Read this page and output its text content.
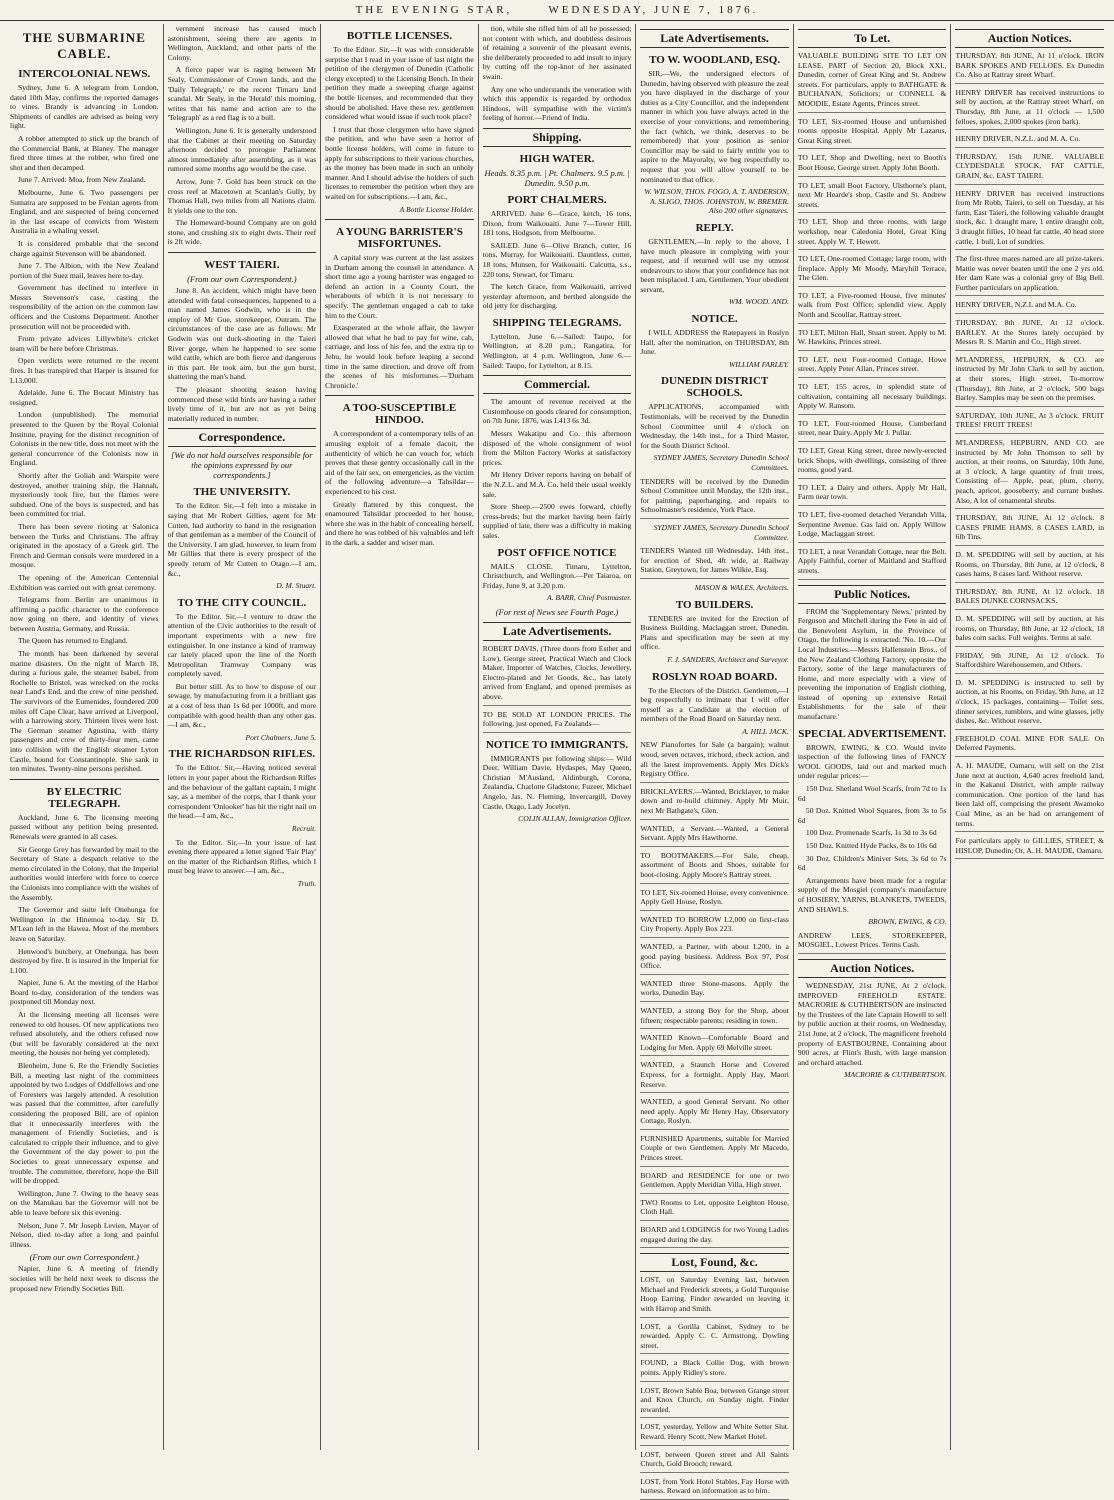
THE EVENING STAR,	WEDNESDAY, JUNE 7, 1876.
THE SUBMARINE CABLE.
INTERCOLONIAL NEWS.

Sydney, June 6. A telegram from London, dated 10th May, confirms the reported damages to vines. Brandy is advancing in London. Shipments of candles are advised as being very light.

A robber attempted to stick up the branch of the Commercial Bank, at Blaney. The manager fired three times at the robber, who fired one shot and then decamped.

June 7. Arrived: Moa, from New Zealand.

Melbourne, June 6. Two passengers per Sumatra are supposed to be Fenian agents from England, and are suspected of being concerned in the last escape of convicts from Western Australia in a whaling vessel.

It is considered probable that the second charge against Stevenson will be abandoned.

June 7. The Albion, with the New Zealand portion of the Suez mail, leaves here to-day.

Government has declined to interfere in Messrs Stevenson's case, casting the responsibility of the action on the common law officers and the Customs Department. Another prosecution will not be proceeded with.

From private advices Lillywhite's cricket team will be here before Christmas.

Open verdicts were returned re the recent fires. It has transpired that Harper is insured for L13,000.

Adelaide, June 6. The Bocaut Ministry has resigned.

London (unpublished). The memorial presented to the Queen by the Royal Colonial Institute, praying for the distinct recognition of Colonists in the new title, does not meet with the general concurrence of the Colonists now in England.

Shortly after the Goliah and Warspite were destroyed, another training ship, the Hannah, mysteriously took fire, but the flames were subdued. One of the boys is suspected, and has been committed for trial.

There has been severe rioting at Salonica between the Turks and Christians. The affray originated in the apostacy of a Greek girl. The French and German consuls were murdered in a mosque.

The opening of the American Centennial Exhibition was carried out with great ceremony.

Telegrams from Berlin are unanimous in affirming a pacific character to the conference now going on there, and identity of views between Austria, Germany, and Russia.

The Queen has returned to England.

The month has been darkened by several marine disasters. On the night of March 18, during a furious gale, the steamer Isabel, from Rochelle to Bristol, was wrecked on the rocks near Land's End, and the crew of nine perished. The survivors of the Eumenides, foundered 200 miles off Cape Clear, have arrived at Liverpool, with a harrowing story. Thirteen lives were lost. The German steamer Agustina, with thirty passengers and crew of thirty-four men, came into collision with the English steamer Lyton Castle, bound for Constantinople. She sank in ten minutes. Twenty-nine persons perished.

BY ELECTRIC TELEGRAPH.

Auckland, June 6. The licensing meeting passed without any petition being presented. Renewals were granted in all cases.

Sir George Grey has forwarded by mail to the Secretary of State a despatch relative to the memo circulated in the Colony, that the Imperial authorities would interfere with force to coerce the Colonists into compliance with the wishes of the Assembly.

The Governor and suite left Onehunga for Wellington in the Hinemoa to-day. Sir D. M'Lean left in the Hawea. Most of the members leave on Saturday.

Henwood's butchery, at Onehunga, has been destroyed by fire. It is insured in the Imperial for L100.

Napier, June 6. At the meeting of the Harbor Board to-day, consideration of the tenders was postponed till Monday next.

At the licensing meeting all licenses were renewed to old houses. Of new applications two refused absolutely, and the others refused now (but will be favorably considered at the next meeting, the houses not being yet completed).

Blenheim, June 6. Re the Friendly Societies Bill, a meeting last night of the committees appointed by two Lodges of Oddfellows and one of Foresters was largely attended. A resolution was passed that the committee, after carefully considering the proposed Bill, are of opinion that it unnecessarily interferes with the management of Friendly Societies, and is calculated to cripple their influence, and to give the Government of the day power to put the Societies to great unnecessary expense and trouble. The committee, therefore, hope the Bill will be dropped.

Wellington, June 7. Owing to the heavy seas on the Manukau bar the Governor will not be able to leave before six this evening.

Nelson, June 7. Mr Joseph Levien, Mayor of Nelson, died to-day after a long and painful illness.

(From our own Correspondent.)

Napier, June 6. A meeting of friendly societies will be held next week to discuss the proposed new Friendly Societies Bill.

vernment increase has caused much astonishment, seeing there are agents in Wellington, Auckland, and other parts of the Colony.

A fierce paper war is raging between Mr Sealy, Commissioner of Crown lands, and the 'Daily Telegraph,' re the recent Timaru land scandal. Mr Sealy, in the 'Herald' this morning, writes that his name and action are to the 'Telegraph' as a red flag is to a bull.

Wellington, June 6. It is generally understood that the Cabinet at their meeting on Saturday afternoon decided to prorogue Parliament almost immediately after assembling, as it was rumored some months ago would be the case.

Arrow, June 7. Gold has been struck on the cross reef at Macetown at Scanlan's Gully, by Thomas Hall, two miles from all Nations claim. It yields one to the ton.

The Homeward-bound Company are on gold stone, and crushing six to eight dwts. Their reef is 2ft wide.

WEST TAIERI.
(From our own Correspondent.)

June 8. An accident, which might have been attended with fatal consequences, happened to a man named James Godwin, who is in the employ of Mr Gue, storekeeper, Outram. The circumstances of the case are as follows: Mr Godwin was out duck-shooting in the Taieri River gorge, when he happened to see some wild cattle, which are both fierce and dangerous in this part. He took aim, but the gun burst, shattering the man's hand.

The pleasant shooting season having commenced these wild birds are having a rather lively time of it, but are not as yet being materially reduced in number.

Correspondence.
[We do not hold ourselves responsible for the opinions expressed by our correspondents.]
THE UNIVERSITY.

To the Editor. Sir,—I felt into a mistake in saying that Mr Robert Gillies, agent for Mr Cutten, had authority to hand in the resignation of that gentleman as a member of the Council of the University. I am glad, however, to learn from Mr Gillies that there is every prospect of the speedy return of Mr Cutten to Otago.—I am, &c.,

D. M. Stuart.
TO THE CITY COUNCIL.

To the Editor. Sir,—I venture to draw the attention of the Civic authorities to the result of important experiments with a new fire extinguisher. In one instance a kind of tramway car lately placed upon the line of the North Metropolitan Tramway Company was completely saved.

But better still. As to how to dispose of our sewage, by manufacturing from it a brilliant gas at a cost of less than 1s 6d per 1000ft, and more compatible with good health than any other gas.—I am, &c.,

Port Chalmers, June 5.
THE RICHARDSON RIFLES.

To the Editor. Sir,—Having noticed several letters in your paper about the Richardson Rifles and the behaviour of the gallant captain, I might say, as a member of the corps, that I thank your correspondent 'Onlooker' has hit the right nail on the head.—I am, &c.,

Recruit.

To the Editor. Sir,—In your issue of last evening there appeared a letter signed 'Fair Play' on the matter of the Richardson Rifles, which I must beg leave to answer.—I am, &c.,

Truth.
BOTTLE LICENSES.

To the Editor. Sir,—It was with considerable surprise that I read in your issue of last night the petition of the clergymen of Dunedin (Catholic clergy excepted) to the Licensing Bench. In their petition they made a sweeping charge against the bottle licenses, and recommended that they should be abolished. Have these rev. gentlemen considered what would issue if such took place?

I trust that those clergymen who have signed the petition, and who have seen a horror of bottle license holders, will come in future to apply for subscriptions to their various churches, as the money has been made in such an unholy manner. And I should advise the holders of such licenses to remember the petition when they are waited on for subscriptions.—I am, &c.,

A Bottle License Holder.
A YOUNG BARRISTER'S MISFORTUNES.

A capital story was current at the last assizes in Durham among the counsel in attendance. A short time ago a young barrister was engaged to defend an action in a County Court, the wherabouts of which it is not necessary to specify. The gentleman engaged a cab to take him to the Court.

Exasperated at the whole affair, the lawyer allowed that what he had to pay for wine, cab, carriage, and loss of his fee, and the extra tip to Jehu, he would look before leaping a second time in the same direction, and drove off from the scenes of his misfortunes.—'Durham Chronicle.'

A TOO-SUSCEPTIBLE HINDOO.

A correspondent of a contemporary tells of an amusing exploit of a female dacoit, the authenticity of which he can vouch for, which proves that these gentry occasionally call in the aid of the fair sex, on emergencies, as the victim of the following adventure—a Tahsildar—experienced to his cost.

Greatly flattered by this conquest, the enamoured Tahsildar proceeded to her house, where she was in the habit of concealing herself, and there he was robbed of his valuables and left in the dark, a sadder and wiser man.

tion, while she rifled him of all he possessed; not content with which, and doubtless desirous of retaining a souvenir of the pleasant events, she deliberately proceeded to add insult to injury by cutting off the top-knot of her assinated swain.

Any one who understands the veneration with which this appendix is regarded by orthodox Hindoos, will sympathise with the victim's feeling of horror.—Friend of India.

Shipping.
HIGH WATER.
Heads. 8.35 p.m. | Pt. Chalmers. 9.5 p.m. | Dunedin. 9.50 p.m.
PORT CHALMERS.

ARRIVED. June 6—Grace, ketch, 16 tons, Dixon, from Waikouaiti. June 7—Tower Hill, 181 tons, Hodgson, from Melbourne.

SAILED. June 6—Olive Branch, cutter, 16 tons, Murray, for Waikouaiti. Dauntless, cutter, 18 tons, Munsen, for Waikouaiti. Calcutta, s.s., 220 tons, Stewart, for Timaru.

The ketch Grace, from Waikouaiti, arrived yesterday afternoon, and berthed alongside the old jetty for discharging.

SHIPPING TELEGRAMS.

Lyttelton, June 6.—Sailed: Taupo, for Wellington, at 8.20 p.m.; Rangatira, for Wellington, at 4 p.m. Wellington, June 6.—Sailed: Taupo, for Lyttelton, at 8.15.

Commercial.

The amount of revenue received at the Customhouse on goods cleared for consumption, on 7th June, 1876, was L413 6s 3d.

Messrs Wakatipu and Co. this afternoon disposed of the whole consignment of wool from the Milton Factory Works at satisfactory prices.

Mr Henry Driver reports having on behalf of the N.Z.L. and M.A. Co. held their usual weekly sale.

Store Sheep.—2500 ewes forward, chiefly cross-breds; but the market having been fairly supplied of late, there was a difficulty in making sales.

POST OFFICE NOTICE

MAILS CLOSE. Timaru, Lyttelton, Christchurch, and Wellington.—Per Taiaroa, on Friday, June 9, at 3.20 p.m.

A. BARR, Chief Postmaster.
(For rest of News see Fourth Page.)
Late Advertisements.
ROBERT DAVIS, (Three doors from Esther and Low), George street, Practical Watch and Clock Maker, Importer of Watches, Clocks, Jewellery, Electro-plated and Jet Goods, &c., has lately arrived from England, and opened premises as above.
TO BE SOLD AT LONDON PRICES. The following, just opened, Fa Zealands—
NOTICE TO IMMIGRANTS.

IMMIGRANTS per following ships:— Wild Deer, William Davie, Hydaspes, May Queen, Christian M'Ausland, Aldinburgh, Corona, Zealandia, Charlotte Gladstone, Fuzeer, Michael Angelo, Jas. N. Fleming, Invercargill, Dovey Castle, Otago, Lady Jocelyn.

COLIN ALLAN, Immigration Officer.
Late Advertisements.
TO W. WOODLAND, ESQ.

SIR,—We, the undersigned electors of Dunedin, having observed with pleasure the zeal you have displayed in the discharge of your duties as a City Councillor, and the independent manner in which you have always acted in the exercise of your convictions, and remembering the fact (which, we think, deserves to be remembered) that your position as senior Councillor may be said to fairly entitle you to aspire to the Mayoralty, we beg respectfully to request that you will allow yourself to be nominated to that office.

W. WILSON, THOS. FOGO, A. T. ANDERSON, A. SLIGO, THOS. JOHNSTON, W. BREMER. Also 200 other signatures.
REPLY.

GENTLEMEN,—In reply to the above, I have much pleasure in complying with your request, and if returned will use my utmost endeavours to show that your confidence has not been misplaced. I am, Gentlemen, Your obedient servant,

WM. WOOD. AND.
NOTICE.

I WILL ADDRESS the Ratepayers in Roslyn Hall, after the nomination, on THURSDAY, 8th June.

WILLIAM FARLEY.
DUNEDIN DISTRICT SCHOOLS.

APPLICATIONS, accompanied with Testimonials, will be received by the Dunedin School Committee until 4 o'clock on Wednesday, the 14th inst., for a Third Master, for the South District School.

SYDNEY JAMES, Secretary Dunedin School Committees.
TENDERS will be received by the Dunedin School Committee until Monday, the 12th inst., for painting, paperhanging, and repairs to Schoolmaster's residence, York Place.
SYDNEY JAMES, Secretary Dunedin School Committee.
TENDERS Wanted till Wednesday, 14th inst., for erection of Shed, 4ft wide, at Railway Station, Greytown, for James Wilkie, Esq.
MASON & WALES, Architects.
TO BUILDERS.

TENDERS are invited for the Erection of Business Building, Maclaggan street, Dunedin. Plans and specification may be seen at my office.

F. J. SANDERS, Architect and Surveyor.
ROSLYN ROAD BOARD.

To the Electors of the District. Gentlemen,—I beg respectfully to intimate that I will offer myself as a Candidate at the election of members of the Road Board on Saturday next.

A. HILL JACK.
NEW Pianofortes for Sale (a bargain); walnut wood, seven octaves, trichord, check action, and all the latest improvements. Apply Mrs Dick's Registry Office.
BRICKLAYERS.—Wanted, Bricklayer, to make down and re-build chimney. Apply Mr Muir, next Mr Bathgate's, Glen.
WANTED, a Servant.—Wanted, a General Servant. Apply Mrs Hawthorne.
TO BOOTMAKERS.—For Sale, cheap, assortment of Boots and Shoes, suitable for boot-closing. Apply Moore's Rattray street.
TO LET, Six-roomed House, every convenience. Apply Gell House, Roslyn.
WANTED TO BORROW L2,000 on first-class City Property. Apply Box 223.
WANTED, a Partner, with about L200, in a good paying business. Address Box 97, Post Office.
WANTED three Stone-masons. Apply the works, Dunedin Bay.
WANTED, a strong Boy for the Shop, about fifteen; respectable parents; residing in town.
WANTED Known—Comfortable Board and Lodging for Men. Apply 69 Melville street.
WANTED, a Staunch Horse and Covered Express, for a fortnight. Apply Hay, Maori Reserve.
WANTED, a good General Servant. No other need apply. Apply Mr Henry Hay, Observatory Cottage, Roslyn.
FURNISHED Apartments, suitable for Married Couple or two Gentlemen. Apply Mr Macedo, Princes street.
BOARD and RESIDENCE for one or two Gentlemen. Apply Meridian Villa, High street.
TWO Rooms to Let, opposite Leighton House, Cloth Hall.
BOARD and LODGINGS for two Young Ladies engaged during the day.
Lost, Found, &c.
LOST, on Saturday Evening last, between Michael and Frederick streets, a Gold Turquoise Hoop Earring. Finder rewarded on leaving it with Harrop and Smith.
LOST, a Gorilla Cabinet, Sydney to be rewarded. Apply C. C. Armstrong, Dowling street.
FOUND, a Black Collie Dog, with brown points. Apply Ridley's store.
LOST, Brown Sable Boa, between Grange street and Knox Church, on Sunday night. Finder rewarded.
LOST, yesterday, Yellow and White Setter Slut. Reward. Henry Scott, New Market Hotel.
LOST, between Queen street and All Saints Church, Gold Brooch; reward.
LOST, from York Hotel Stables, Fay Horse with harness. Reward on information as to him.
To Let.
VALUABLE BUILDING SITE TO LET ON LEASE. PART of Section 20, Block XXI., Dunedin, corner of Great King and St. Andrew streets. For particulars, apply to BATHGATE & BUCHANAN, Solicitors; or CONNELL & MOODIE, Estate Agents, Princes street.
TO LET, Six-roomed House and unfurnished rooms opposite Hospital. Apply Mr Lazarus, Great King street.
TO LET, Shop and Dwelling, next to Booth's Boot House, George street. Apply John Booth.
TO LET, small Boot Factory, Ulsthorne's plant, next Mr Hearde's shop, Castle and St. Andrew streets.
TO LET, Shop and three rooms, with large workshop, near Caledonia Hotel, Great King street. Apply W. T. Hewett.
TO LET, One-roomed Cottage; large room, with fireplace. Apply Mr Moody, Maryhill Terrace, The Glen.
TO LET, a Five-roomed House, five minutes' walk from Post Office; splendid view. Apply North and Scoullar, Rattray street.
TO LET, Milton Hall, Stuart street. Apply to M. W. Hawkins, Princes street.
TO LET, next Four-roomed Cottage, Howe street. Apply Peter Allan, Princes street.
TO LET, 155 acres, in splendid state of cultivation, containing all necessary buildings. Apply W. Ransom.
TO LET, Four-roomed House, Cumberland street, near Dairy. Apply Mr J. Pullar.
TO LET, Great King street, three newly-erected brick Shops, with dwellings, consisting of three rooms, good yard.
TO LET, a Dairy and others. Apply Mr Hall, Farm near town.
TO LET, five-roomed detached Verandah Villa, Serpentine Avenue. Gas laid on. Apply Willow Lodge, Maclaggan street.
TO LET, a neat Verandah Cottage, near the Belt. Apply Faithful, corner of Maitland and Stafford streets.
Public Notices.

FROM the 'Supplementary News,' printed by Ferguson and Mitchell during the Fete in aid of the Benevolent Asylum, in the Province of Otago, the following is extracted: 'No. 10.—Our Local Industries.—Messrs Hallenstein Bros., of the New Zealand Clothing Factory, opposite the Factory, some of the large manufacturers of Home, and more especially with a view of preventing the importation of English clothing, instead of opening up extensive Retail Establishments for the sale of their manufacture.'

SPECIAL ADVERTISEMENT.

BROWN, EWING, & CO. Would invite inspection of the following lines of FANCY WOOL GOODS, laid out and marked much under regular prices:—

150 Doz. Shetland Wool Scarfs, from 7d to 1s 6d

50 Doz. Knitted Wool Squares, from 3s to 5s 6d

100 Doz. Promenade Scarfs, 1s 3d to 3s 6d

150 Doz. Knitted Hyde Packs, 8s to 10s 6d

30 Doz. Children's Miniver Sets, 3s 6d to 7s 6d

Arrangements have been made for a regular supply of the Mosgiel (company's manufacture of HOSIERY, YARNS, BLANKETS, TWEEDS, AND SHAWLS.

BROWN, EWING, & CO.
ANDREW LEES, STOREKEEPER, MOSGIEL, Lowest Prices. Terms Cash.
Auction Notices.

WEDNESDAY, 21st JUNE, At 2 o'clock. IMPROVED FREEHOLD ESTATE. MACRORIE & CUTHBERTSON are instructed by the Trustees of the late Captain Howell to sell by public auction at their rooms, on Wednesday, 21st June, at 2 o'clock, The magnificent freehold property of EASTBOURNE, Containing about 900 acres, at Flint's Bush, with large mansion and orchard attached.

MACRORIE & CUTHBERTSON.
Auction Notices.
THURSDAY, 8th JUNE, At 11 o'clock. IRON BARK SPOKES AND FELLOES. Ex Dunedin Co. Also at Rattray street Wharf.
HENRY DRIVER has received instructions to sell by auction, at the Rattray street Wharf, on Thursday, 8th June, at 11 o'clock — 1,500 felloes, spokes, 2,000 spokes (iron bark).
HENRY DRIVER, N.Z.L. and M. A. Co.
THURSDAY, 15th JUNE. VALUABLE CLYDESDALE STOCK, FAT CATTLE, GRAIN, &c. EAST TAIERI.
HENRY DRIVER has received instructions from Mr Robb, Taieri, to sell on Tuesday, at his farm, East Taieri, the following valuable draught stock, &c. 1 draught mare, 1 entire draught colt, 3 draught fillies, 10 head fat cattle, 40 head store cattle, 1 bull, Lot of sundries.
The first-three mares named are all prize-takers. Mattie was never beaten until the one 2 yrs old. Her dam Kate was a colonial grey of Big Bell. Further particulars on application.
HENRY DRIVER, N.Z.L and M.A. Co.
THURSDAY, 8th JUNE, At 12 o'clock. BARLEY. At the Stores lately occupied by Messrs R. S. Martin and Co., High street.
M'LANDRESS, HEPBURN, & CO. are instructed by Mr John Clark to sell by auction, at their stores, High street, To-morrow (Thursday), 8th June, at 2 o'clock, 500 bags Barley. Samples may be seen on the premises.
SATURDAY, 10th JUNE, At 3 o'clock. FRUIT TREES! FRUIT TREES!
M'LANDRESS, HEPBURN, AND CO. are instructed by Mr John Thomson to sell by auction, at their rooms, on Saturday, 10th June, at 3 o'clock, A large quantity of fruit trees, Consisting of— Apple, pear, plum, cherry, peach, apricot, gooseberry, and currant bushes. Also, A lot of ornamental shrubs.
THURSDAY, 8th JUNE, At 12 o'clock. 8 CASES PRIME HAMS. 8 CASES LARD, in 6lb Tins.
D. M. SPEDDING will sell by auction, at his Rooms, on Thursday, 8th June, at 12 o'clock, 8 cases hams, 8 cases lard. Without reserve.
THURSDAY, 8th JUNE, At 12 o'clock. 18 BALES DUNKE CORNSACKS.
D. M. SPEDDING will sell by auction, at his rooms, on Thursday, 8th June, at 12 o'clock, 18 bales corn sacks. Full weights. Terms at sale.
FRIDAY, 9th JUNE, At 12 o'clock. To Staffordshire Warehousemen, and Others.
D. M. SPEDDING is instructed to sell by auction, at his Rooms, on Friday, 9th June, at 12 o'clock, 15 packages, containing— Toilet sets, dinner services, tumblers, and wine glasses, jelly dishes, &c. Without reserve.
FREEHOLD COAL MINE FOR SALE. On Deferred Payments.
A. H. MAUDE, Oamaru, will sell on the 21st June next at auction, 4,640 acres freehold land, in the Kakanui District, with ample railway communication. One portion of the land has been laid off, comprising the present Awamoko Coal Mine, as an be had on arrangement of terms.
For particulars apply to GILLIES, STREET, & HISLOP, Dunedin; Or, A. H. MAUDE, Oamaru.
